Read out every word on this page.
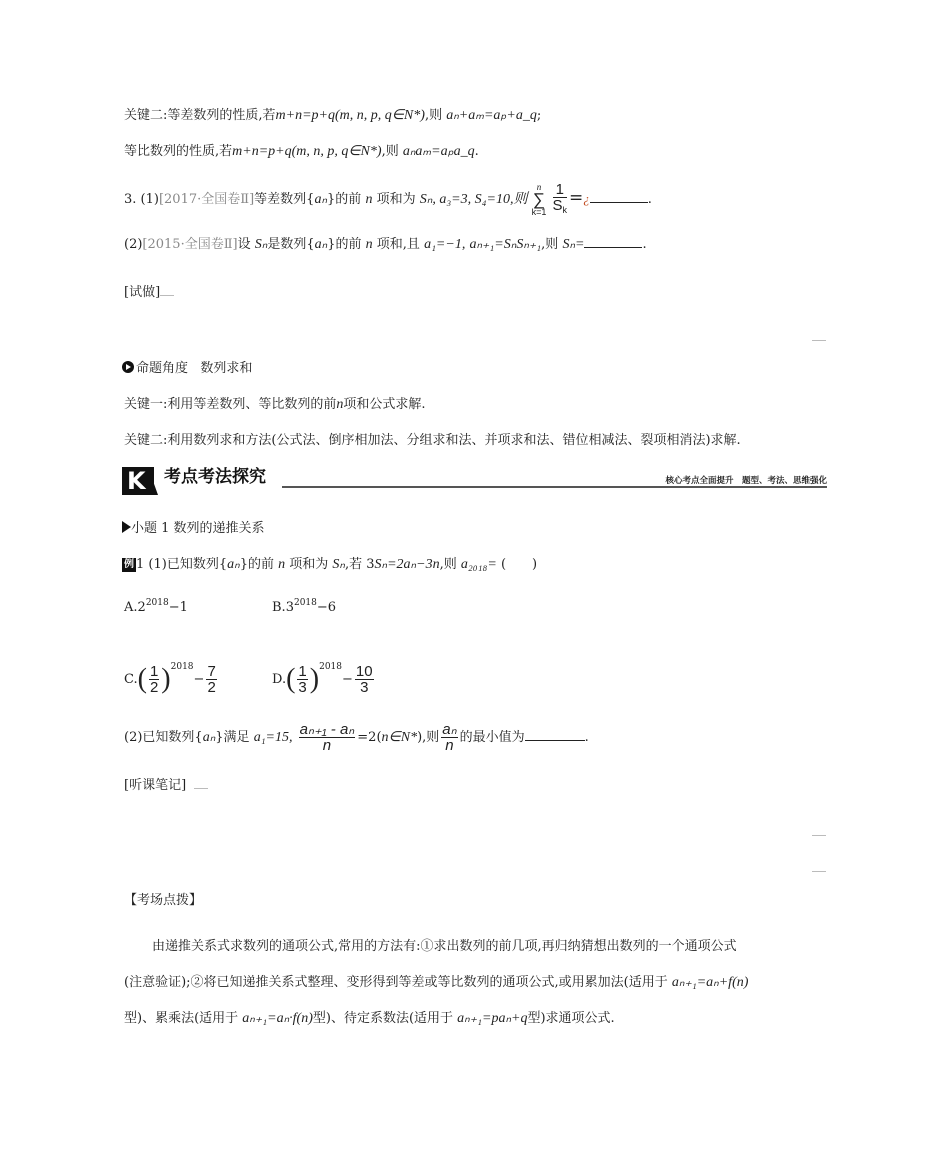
关键二:等差数列的性质,若m+n=p+q(m, n, p, q∈N*),则 aₙ+aₘ=aₚ+a_q;
等比数列的性质,若m+n=p+q(m, n, p, q∈N*),则 aₙaₘ=aₚa_q.
3. (1)[2017·全国卷Ⅱ]等差数列{aₙ}的前 n 项和为 Sₙ, a₃=3, S₄=10,则
n
∑
k=1
$\frac{1}{S_k}$ =¿	.
(2)[2015·全国卷Ⅱ]设 Sₙ是数列{aₙ}的前 n 项和,且 a₁=−1, aₙ₊₁=SₙSₙ₊₁,则 Sₙ=	.
[试做]
命题角度 数列求和
关键一:利用等差数列、等比数列的前n项和公式求解.
关键二:利用数列求和方法(公式法、倒序相加法、分组求和法、并项求和法、错位相减法、裂项相消法)求解.
K 考点考法探究	核心考点全面提升　题型、考法、思维强化
小题 1 数列的递推关系
例 1 (1)已知数列{aₙ}的前 n 项和为 Sₙ,若 3Sₙ=2aₙ−3n,则 a₂₀₁₈= (　　)
$A.2^{2018}-1$	$B.3^{2018}-6$
$C.( \frac{1}{2} )^{2018}- \frac{7}{2}$	$D.( \frac{1}{3} )^{2018}- \frac{10}{3}$
(2)已知数列{aₙ}满足 a₁=15, $\frac{\text{aₙ₊₁ - aₙ}}{n}$ =2(n∈N*),则 $\frac{\text{aₙ}}{n}$ 的最小值为	.
[听课笔记]
【考场点拨】
由递推关系式求数列的通项公式,常用的方法有:①求出数列的前几项,再归纳猜想出数列的一个通项公式
(注意验证);②将已知递推关系式整理、变形得到等差或等比数列的通项公式,或用累加法(适用于 aₙ₊₁=aₙ+f(n)
型)、累乘法(适用于 aₙ₊₁=aₙ·f(n)型)、待定系数法(适用于 aₙ₊₁=paₙ+q型)求通项公式.
